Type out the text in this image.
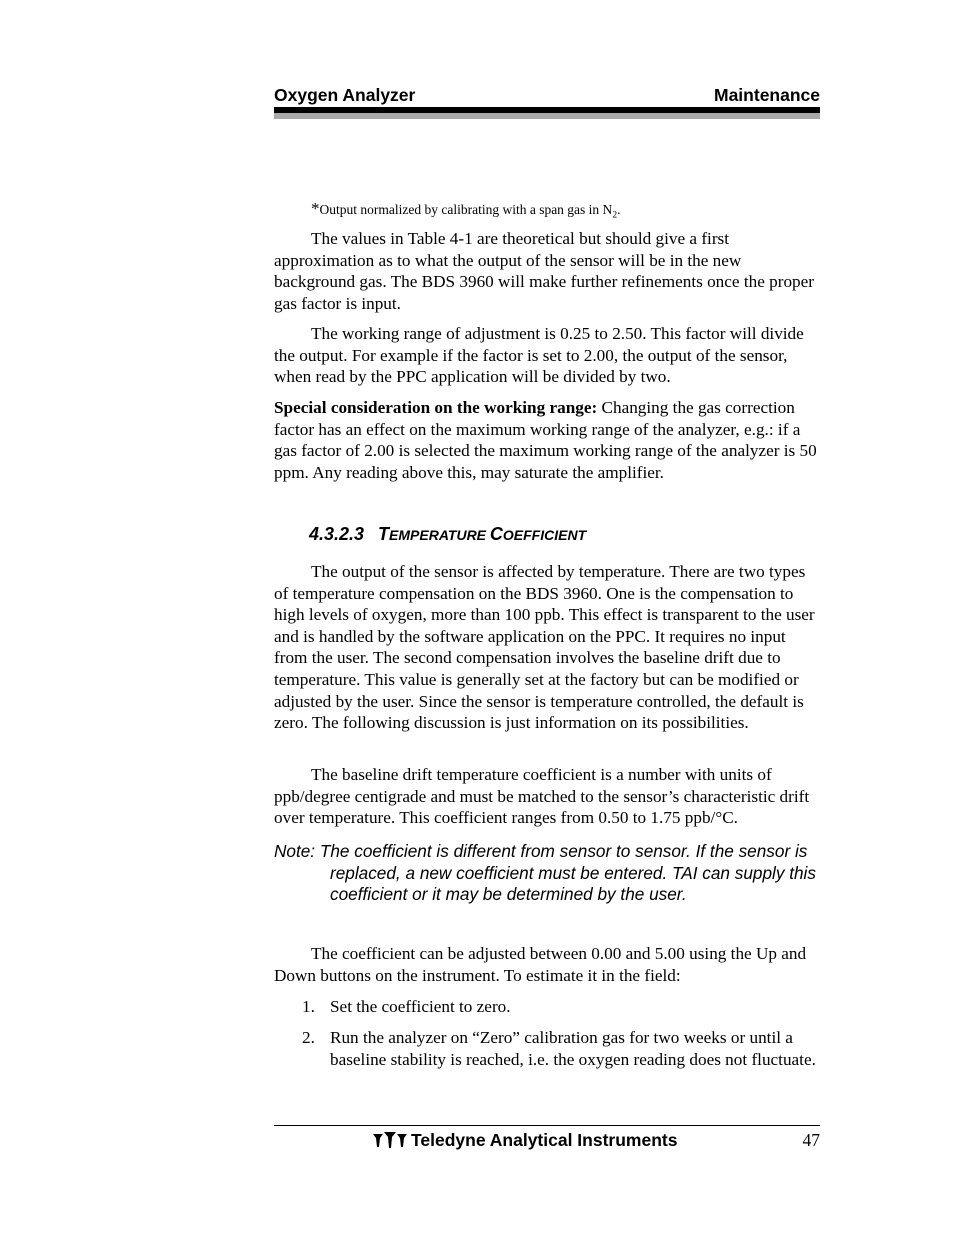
Oxygen Analyzer	Maintenance
*Output normalized by calibrating with a span gas in $N_2$.

The values in Table 4-1 are theoretical but should give a first approximation as to what the output of the sensor will be in the new background gas. The BDS 3960 will make further refinements once the proper gas factor is input.

The working range of adjustment is 0.25 to 2.50. This factor will divide the output. For example if the factor is set to 2.00, the output of the sensor, when read by the PPC application will be divided by two.

Special consideration on the working range: Changing the gas correction factor has an effect on the maximum working range of the analyzer, e.g.: if a gas factor of 2.00 is selected the maximum working range of the analyzer is 50 ppm. Any reading above this, may saturate the amplifier.

4.3.2.3 TEMPERATURE COEFFICIENT

The output of the sensor is affected by temperature. There are two types of temperature compensation on the BDS 3960. One is the compensation to high levels of oxygen, more than 100 ppb. This effect is transparent to the user and is handled by the software application on the PPC. It requires no input from the user. The second compensation involves the baseline drift due to temperature. This value is generally set at the factory but can be modified or adjusted by the user. Since the sensor is temperature controlled, the default is zero. The following discussion is just information on its possibilities.

The baseline drift temperature coefficient is a number with units of ppb/degree centigrade and must be matched to the sensor’s characteristic drift over temperature. This coefficient ranges from 0.50 to 1.75 ppb/°C.

Note: The coefficient is different from sensor to sensor. If the sensor is replaced, a new coefficient must be entered. TAI can supply this coefficient or it may be determined by the user.

The coefficient can be adjusted between 0.00 and 5.00 using the Up and Down buttons on the instrument. To estimate it in the field:

1. Set the coefficient to zero.
2. Run the analyzer on “Zero” calibration gas for two weeks or until a baseline stability is reached, i.e. the oxygen reading does not fluctuate.
Teledyne Analytical Instruments	47
